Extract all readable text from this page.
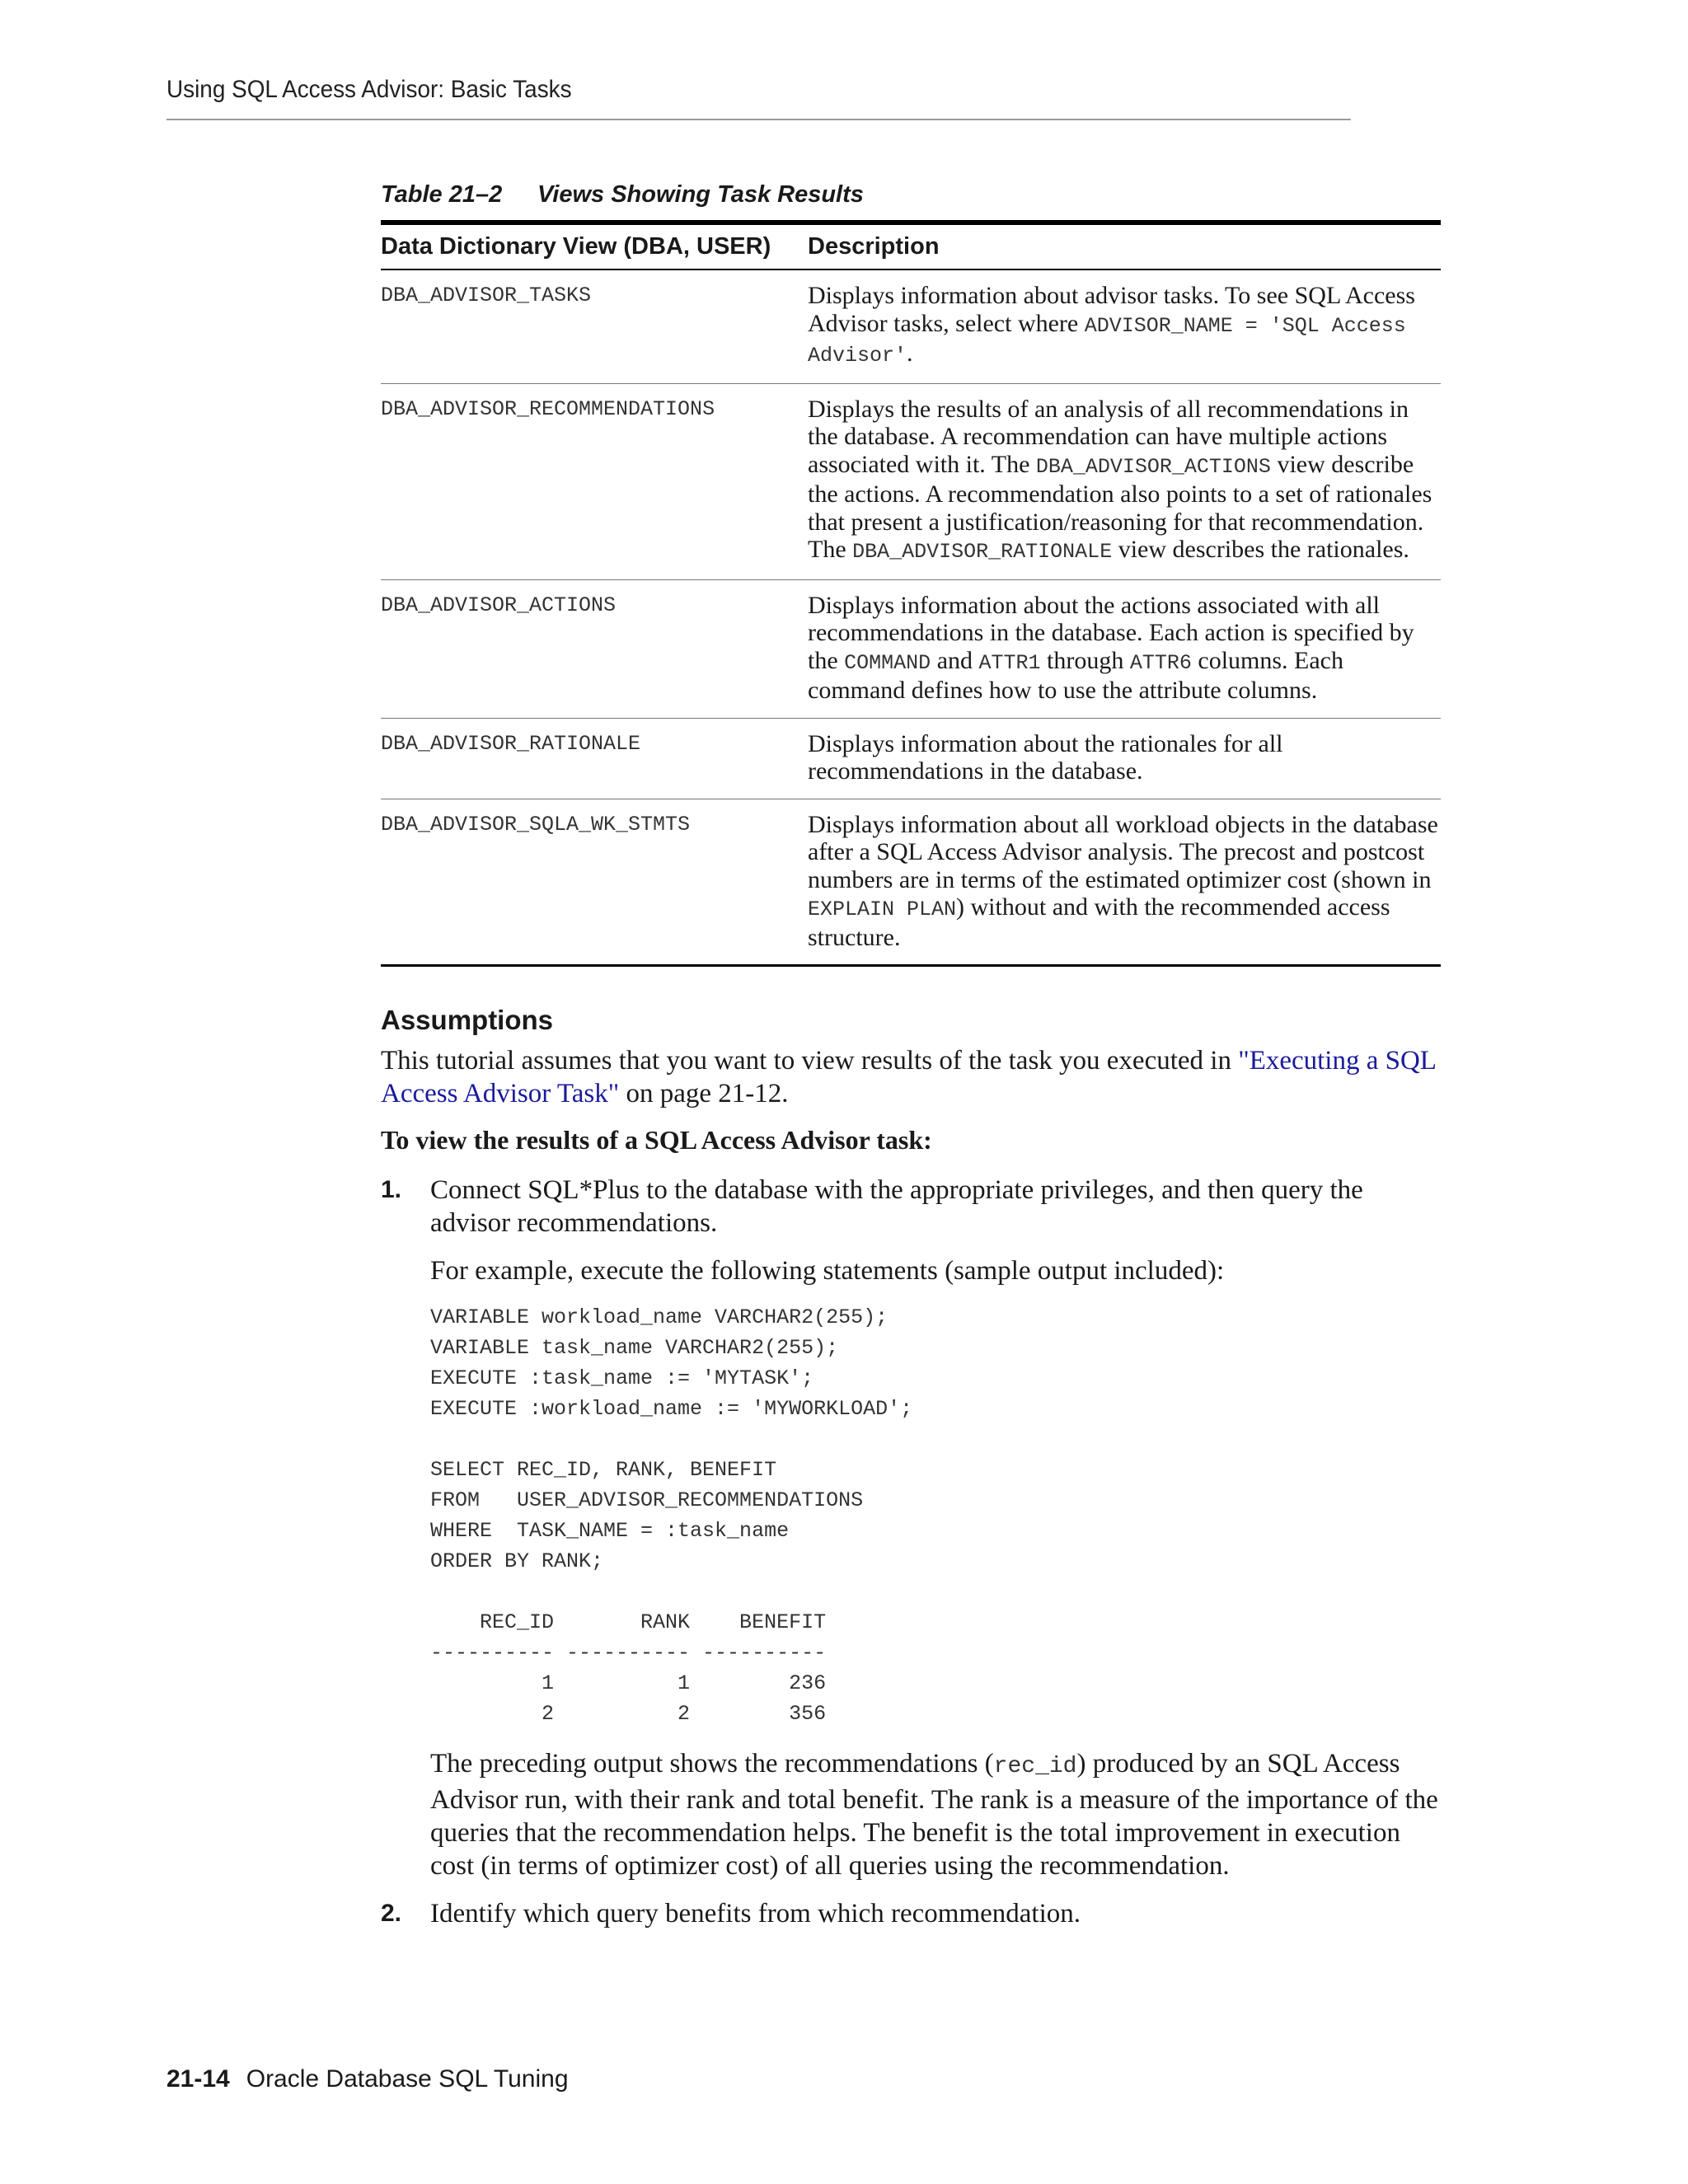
Using SQL Access Advisor: Basic Tasks
Table 21–2 Views Showing Task Results
Data Dictionary View (DBA, USER)	Description
DBA_ADVISOR_TASKS	Displays information about advisor tasks. To see SQL Access Advisor tasks, select where ADVISOR_NAME = 'SQL Access Advisor'.
DBA_ADVISOR_RECOMMENDATIONS	Displays the results of an analysis of all recommendations in the database. A recommendation can have multiple actions associated with it. The DBA_ADVISOR_ACTIONS view describe the actions. A recommendation also points to a set of rationales that present a justification/reasoning for that recommendation. The DBA_ADVISOR_RATIONALE view describes the rationales.
DBA_ADVISOR_ACTIONS	Displays information about the actions associated with all recommendations in the database. Each action is specified by the COMMAND and ATTR1 through ATTR6 columns. Each command defines how to use the attribute columns.
DBA_ADVISOR_RATIONALE	Displays information about the rationales for all recommendations in the database.
DBA_ADVISOR_SQLA_WK_STMTS	Displays information about all workload objects in the database after a SQL Access Advisor analysis. The precost and postcost numbers are in terms of the estimated optimizer cost (shown in EXPLAIN PLAN) without and with the recommended access structure.
Assumptions

This tutorial assumes that you want to view results of the task you executed in "Executing a SQL Access Advisor Task" on page 21-12.

To view the results of a SQL Access Advisor task:

1. Connect SQL*Plus to the database with the appropriate privileges, and then query the advisor recommendations.

For example, execute the following statements (sample output included):

VARIABLE workload_name VARCHAR2(255);
VARIABLE task_name VARCHAR2(255);
EXECUTE :task_name := 'MYTASK';
EXECUTE :workload_name := 'MYWORKLOAD';

SELECT REC_ID, RANK, BENEFIT
FROM   USER_ADVISOR_RECOMMENDATIONS
WHERE  TASK_NAME = :task_name
ORDER BY RANK;

REC_ID       RANK    BENEFIT
---------- ---------- ----------
1          1        236
2          2        356

The preceding output shows the recommendations (rec_id) produced by an SQL Access Advisor run, with their rank and total benefit. The rank is a measure of the importance of the queries that the recommendation helps. The benefit is the total improvement in execution cost (in terms of optimizer cost) of all queries using the recommendation.

2. Identify which query benefits from which recommendation.
21-14 Oracle Database SQL Tuning
